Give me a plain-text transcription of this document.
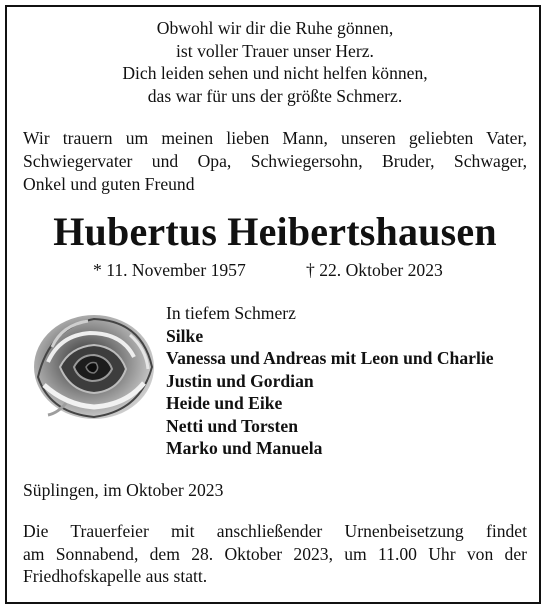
Obwohl wir dir die Ruhe gönnen,
ist voller Trauer unser Herz.
Dich leiden sehen und nicht helfen können,
das war für uns der größte Schmerz.
Wir trauern um meinen lieben Mann, unseren geliebten Vater,
Schwiegervater und Opa, Schwiegersohn, Bruder, Schwager,
Onkel und guten Freund
Hubertus Heibertshausen
* 11. November 1957	† 22. Oktober 2023
In tiefem Schmerz
Silke
Vanessa und Andreas mit Leon und Charlie
Justin und Gordian
Heide und Eike
Netti und Torsten
Marko und Manuela
Süplingen, im Oktober 2023
Die Trauerfeier mit anschließender Urnenbeisetzung findet
am Sonnabend, dem 28. Oktober 2023, um 11.00 Uhr von der
Friedhofskapelle aus statt.
